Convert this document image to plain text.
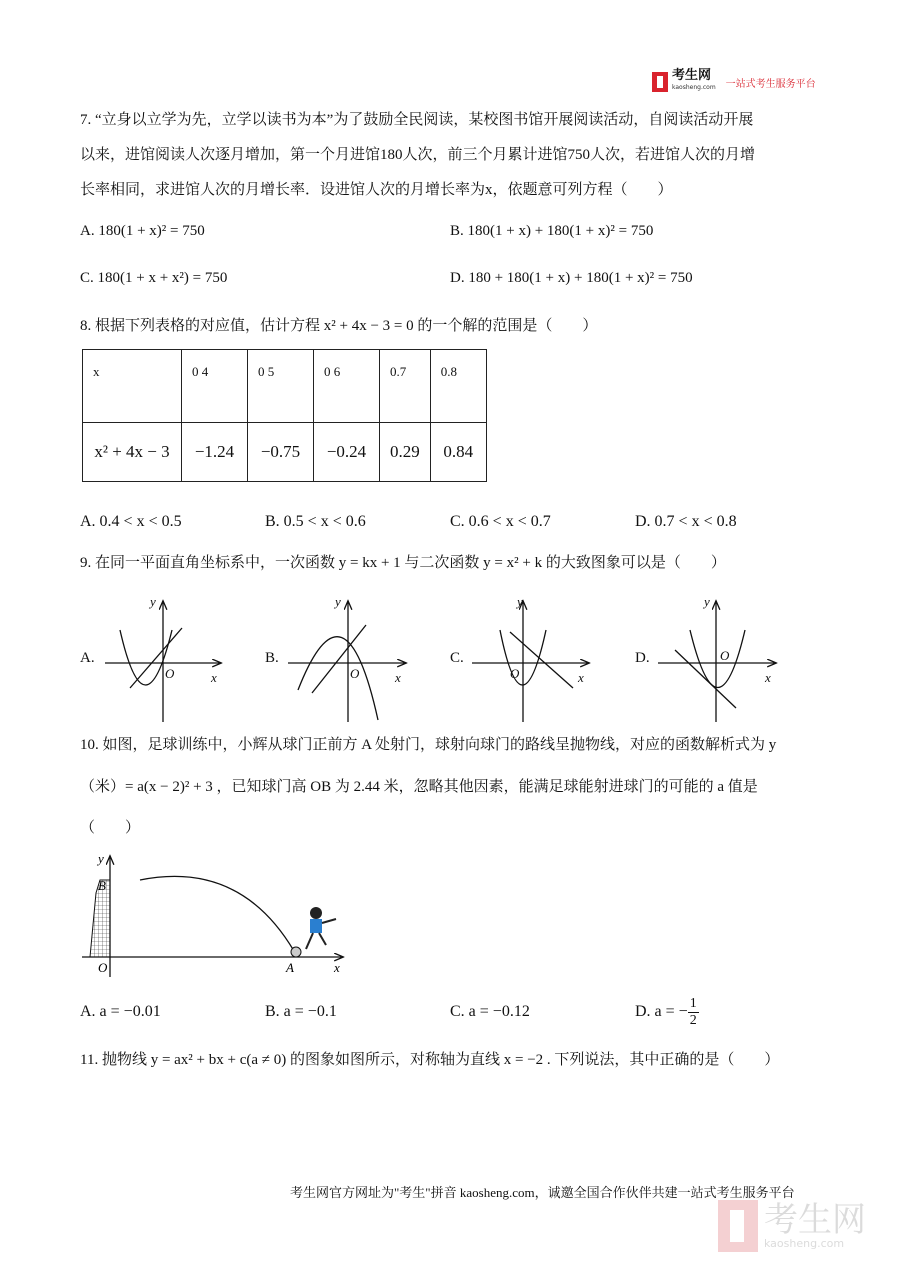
考生网
kaosheng.com 一站式考生服务平台
7. “立身以立学为先，立学以读书为本”为了鼓励全民阅读，某校图书馆开展阅读活动，自阅读活动开展
以来，进馆阅读人次逐月增加，第一个月进馆180人次，前三个月累计进馆750人次，若进馆人次的月增
长率相同，求进馆人次的月增长率．设进馆人次的月增长率为x，依题意可列方程（　　）
A. 180(1 + x)² = 750	B. 180(1 + x) + 180(1 + x)² = 750
C. 180(1 + x + x²) = 750	D. 180 + 180(1 + x) + 180(1 + x)² = 750
8. 根据下列表格的对应值，估计方程 x² + 4x − 3 = 0 的一个解的范围是（　　）
x	0 4	0 5	0 6	0.7	0.8
x² + 4x − 3	−1.24	−0.75	−0.24	0.29	0.84
A. 0.4 < x < 0.5	B. 0.5 < x < 0.6	C. 0.6 < x < 0.7	D. 0.7 < x < 0.8
9. 在同一平面直角坐标系中，一次函数 y = kx + 1 与二次函数 y = x² + k 的大致图象可以是（　　）
A.	B.	C.	D.
y
x
O
y
x
O
y
x
O
y
x
O
10. 如图，足球训练中，小辉从球门正前方 A 处射门，球射向球门的路线呈抛物线，对应的函数解析式为 y
（米）= a(x − 2)² + 3 ，已知球门高 OB 为 2.44 米，忽略其他因素，能满足球能射进球门的可能的 a 值是
（　　）
y
B
O	A	x
A. a = −0.01	B. a = −0.1	C. a = −0.12	D. a = − $\frac{1}{2}$
11. 抛物线 y = ax² + bx + c(a ≠ 0) 的图象如图所示，对称轴为直线 x = −2 . 下列说法，其中正确的是（　　）
考生网官方网址为"考生"拼音 kaosheng.com，诚邀全国合作伙伴共建一站式考生服务平台
考生网
kaosheng.com
